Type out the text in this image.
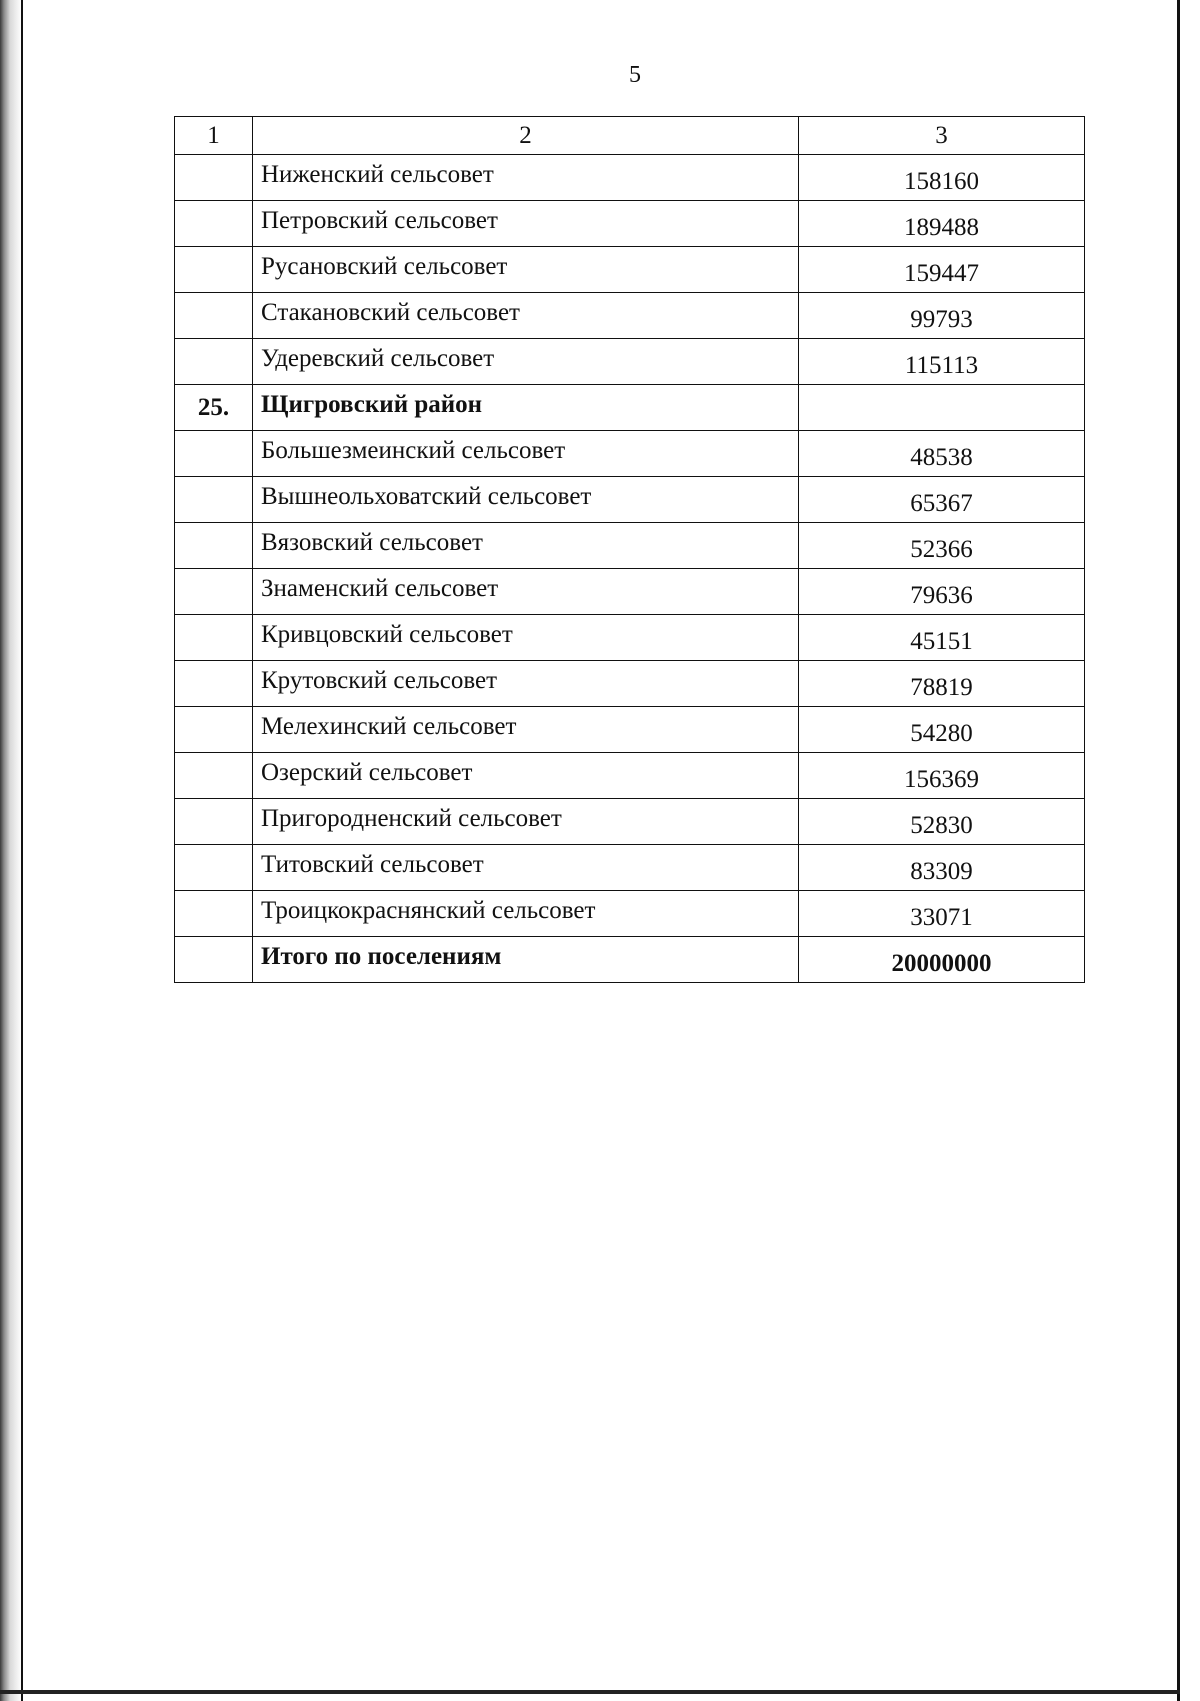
5
1	2	3
	Ниженский сельсовет	158160
	Петровский сельсовет	189488
	Русановский сельсовет	159447
	Стакановский сельсовет	99793
	Удеревский сельсовет	115113
25.	Щигровский район	
	Большезмеинский сельсовет	48538
	Вышнеольховатский сельсовет	65367
	Вязовский сельсовет	52366
	Знаменский сельсовет	79636
	Кривцовский сельсовет	45151
	Крутовский сельсовет	78819
	Мелехинский сельсовет	54280
	Озерский сельсовет	156369
	Пригородненский сельсовет	52830
	Титовский сельсовет	83309
	Троицкокраснянский сельсовет	33071
	Итого по поселениям	20000000
